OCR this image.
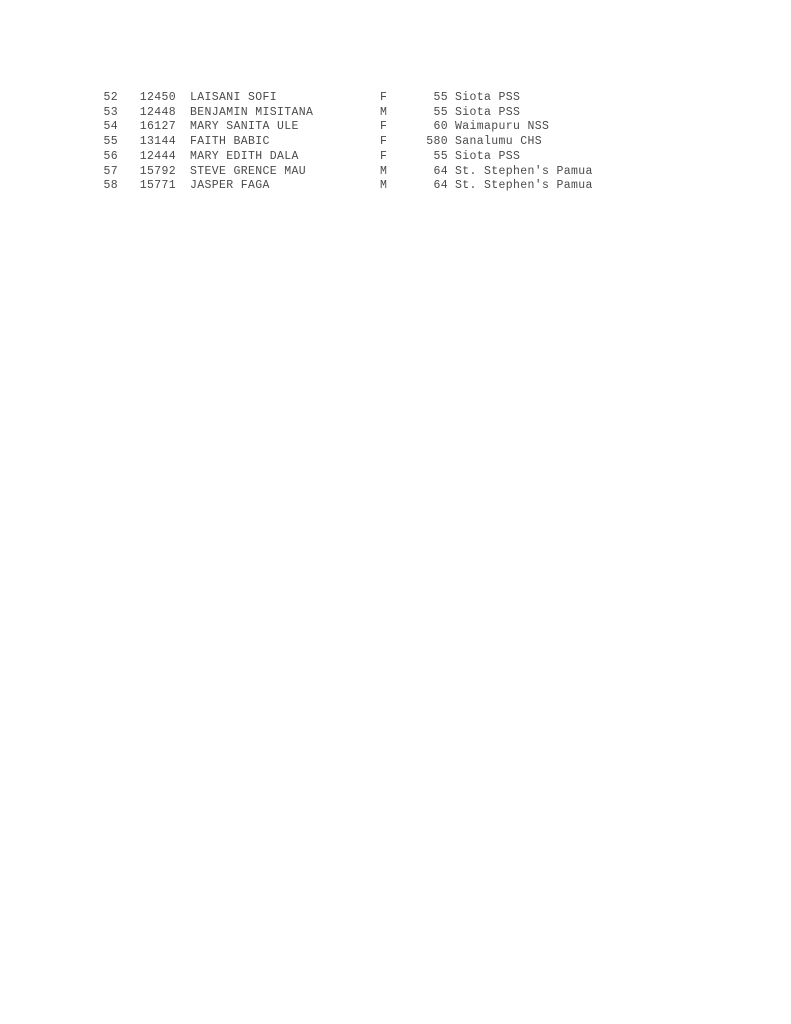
52 12450 LAISANI SOFI	F	55 Siota PSS
53 12448 BENJAMIN MISITANA	M	55 Siota PSS
54 16127 MARY SANITA ULE	F	60 Waimapuru NSS
55 13144 FAITH BABIC	F	580 Sanalumu CHS
56 12444 MARY EDITH DALA	F	55 Siota PSS
57 15792 STEVE GRENCE MAU	M	64 St. Stephen's Pamua
58 15771 JASPER FAGA	M	64 St. Stephen's Pamua
